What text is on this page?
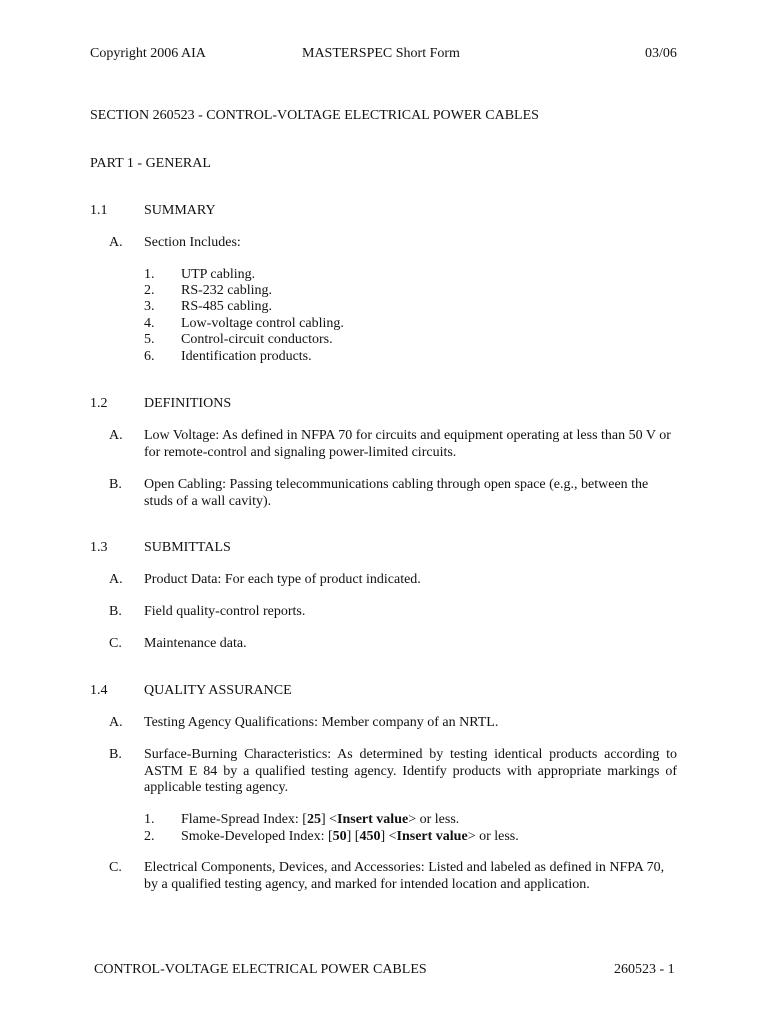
Copyright 2006 AIA	MASTERSPEC Short Form	03/06
SECTION 260523 - CONTROL-VOLTAGE ELECTRICAL POWER CABLES
PART 1 - GENERAL
1.1	SUMMARY
A. Section Includes:
1. UTP cabling.
2. RS-232 cabling.
3. RS-485 cabling.
4. Low-voltage control cabling.
5. Control-circuit conductors.
6. Identification products.
1.2	DEFINITIONS
A. Low Voltage: As defined in NFPA 70 for circuits and equipment operating at less than 50 V or for remote-control and signaling power-limited circuits.
B. Open Cabling: Passing telecommunications cabling through open space (e.g., between the studs of a wall cavity).
1.3	SUBMITTALS
A. Product Data: For each type of product indicated.
B. Field quality-control reports.
C. Maintenance data.
1.4	QUALITY ASSURANCE
A. Testing Agency Qualifications: Member company of an NRTL.
B. Surface-Burning Characteristics: As determined by testing identical products according to ASTM E 84 by a qualified testing agency. Identify products with appropriate markings of applicable testing agency.
1. Flame-Spread Index: [25] <Insert value> or less.
2. Smoke-Developed Index: [50] [450] <Insert value> or less.
C. Electrical Components, Devices, and Accessories: Listed and labeled as defined in NFPA 70, by a qualified testing agency, and marked for intended location and application.
CONTROL-VOLTAGE ELECTRICAL POWER CABLES	260523 - 1
